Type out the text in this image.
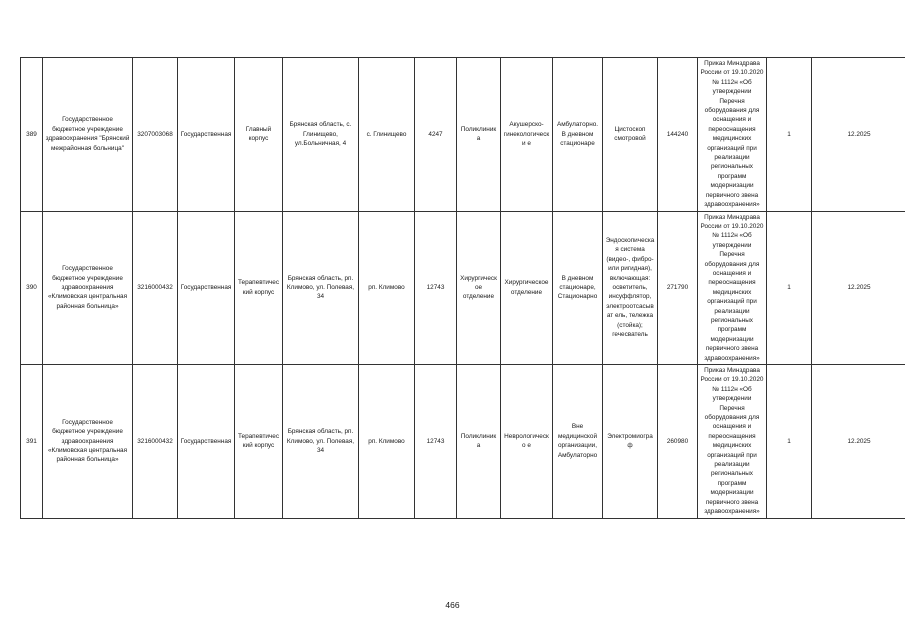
389	Государственное бюджетное учреждение здравоохранения "Брянский межрайонная больница"	3207003068	Государственная	Главный корпус	Брянская область, с. Глинищево, ул.Больничная, 4	с. Глинищево	4247	Поликлиника	Акушерско-гинекологически е	Амбулаторно. В дневном стационаре	Цистоскоп смотровой	144240	Приказ Минздрава России от 19.10.2020 № 1112н «Об утверждении Перечня оборудования для оснащения и переоснащения медицинских организаций при реализации региональных программ модернизации первичного звена здравоохранения»	1	12.2025
390	Государственное бюджетное учреждение здравоохранения «Климовская центральная районная больница»	3216000432	Государственная	Терапевтический корпус	Брянская область, рп. Климово, ул. Полевая, 34	рп. Климово	12743	Хирургическое отделение	Хирургическое отделение	В дневном стационаре, Стационарно	Эндоскопическая система (видео-, фибро- или ригидная), включающая: осветитель, инсуффлятор, электроотсасыват ель, тележка (стойка); гечесватель	271790	Приказ Минздрава России от 19.10.2020 № 1112н «Об утверждении Перечня оборудования для оснащения и переоснащения медицинских организаций при реализации региональных программ модернизации первичного звена здравоохранения»	1	12.2025
391	Государственное бюджетное учреждение здравоохранения «Климовская центральная районная больница»	3216000432	Государственная	Терапевтический корпус	Брянская область, рп. Климово, ул. Полевая, 34	рп. Климово	12743	Поликлиника	Неврологическо е	Вне медицинской организации, Амбулаторно	Электромиограф	260980	Приказ Минздрава России от 19.10.2020 № 1112н «Об утверждении Перечня оборудования для оснащения и переоснащения медицинских организаций при реализации региональных программ модернизации первичного звена здравоохранения»	1	12.2025
466
